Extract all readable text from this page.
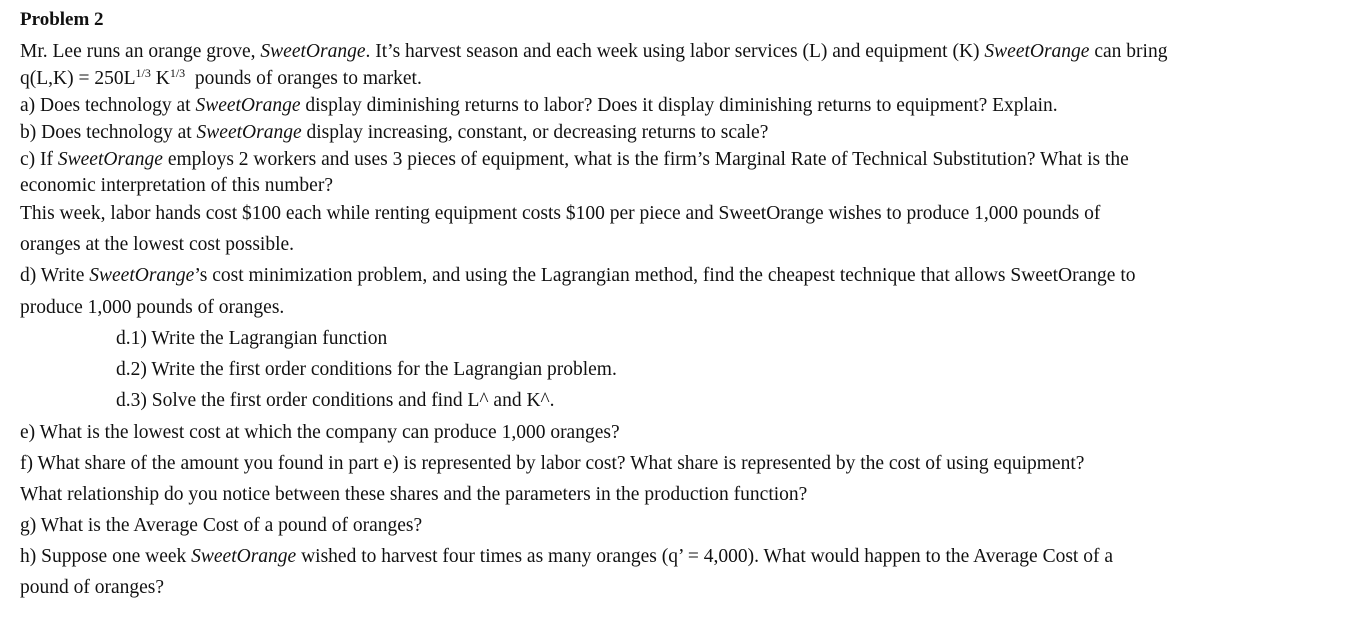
Problem 2
Mr. Lee runs an orange grove, SweetOrange. It’s harvest season and each week using labor services (L) and equipment (K) SweetOrange can bring
$q(L,K) = 250L^{1/3}$ $K^{1/3}$  pounds of oranges to market.
a) Does technology at SweetOrange display diminishing returns to labor? Does it display diminishing returns to equipment? Explain.
b) Does technology at SweetOrange display increasing, constant, or decreasing returns to scale?
c) If SweetOrange employs 2 workers and uses 3 pieces of equipment, what is the firm’s Marginal Rate of Technical Substitution? What is the
economic interpretation of this number?
This week, labor hands cost $100 each while renting equipment costs $100 per piece and SweetOrange wishes to produce 1,000 pounds of
oranges at the lowest cost possible.
d) Write SweetOrange’s cost minimization problem, and using the Lagrangian method, find the cheapest technique that allows SweetOrange to
produce 1,000 pounds of oranges.
d.1) Write the Lagrangian function
d.2) Write the first order conditions for the Lagrangian problem.
d.3) Solve the first order conditions and find L^ and K^.
e) What is the lowest cost at which the company can produce 1,000 oranges?
f) What share of the amount you found in part e) is represented by labor cost? What share is represented by the cost of using equipment?
What relationship do you notice between these shares and the parameters in the production function?
g) What is the Average Cost of a pound of oranges?
h) Suppose one week SweetOrange wished to harvest four times as many oranges (q’ = 4,000). What would happen to the Average Cost of a
pound of oranges?
